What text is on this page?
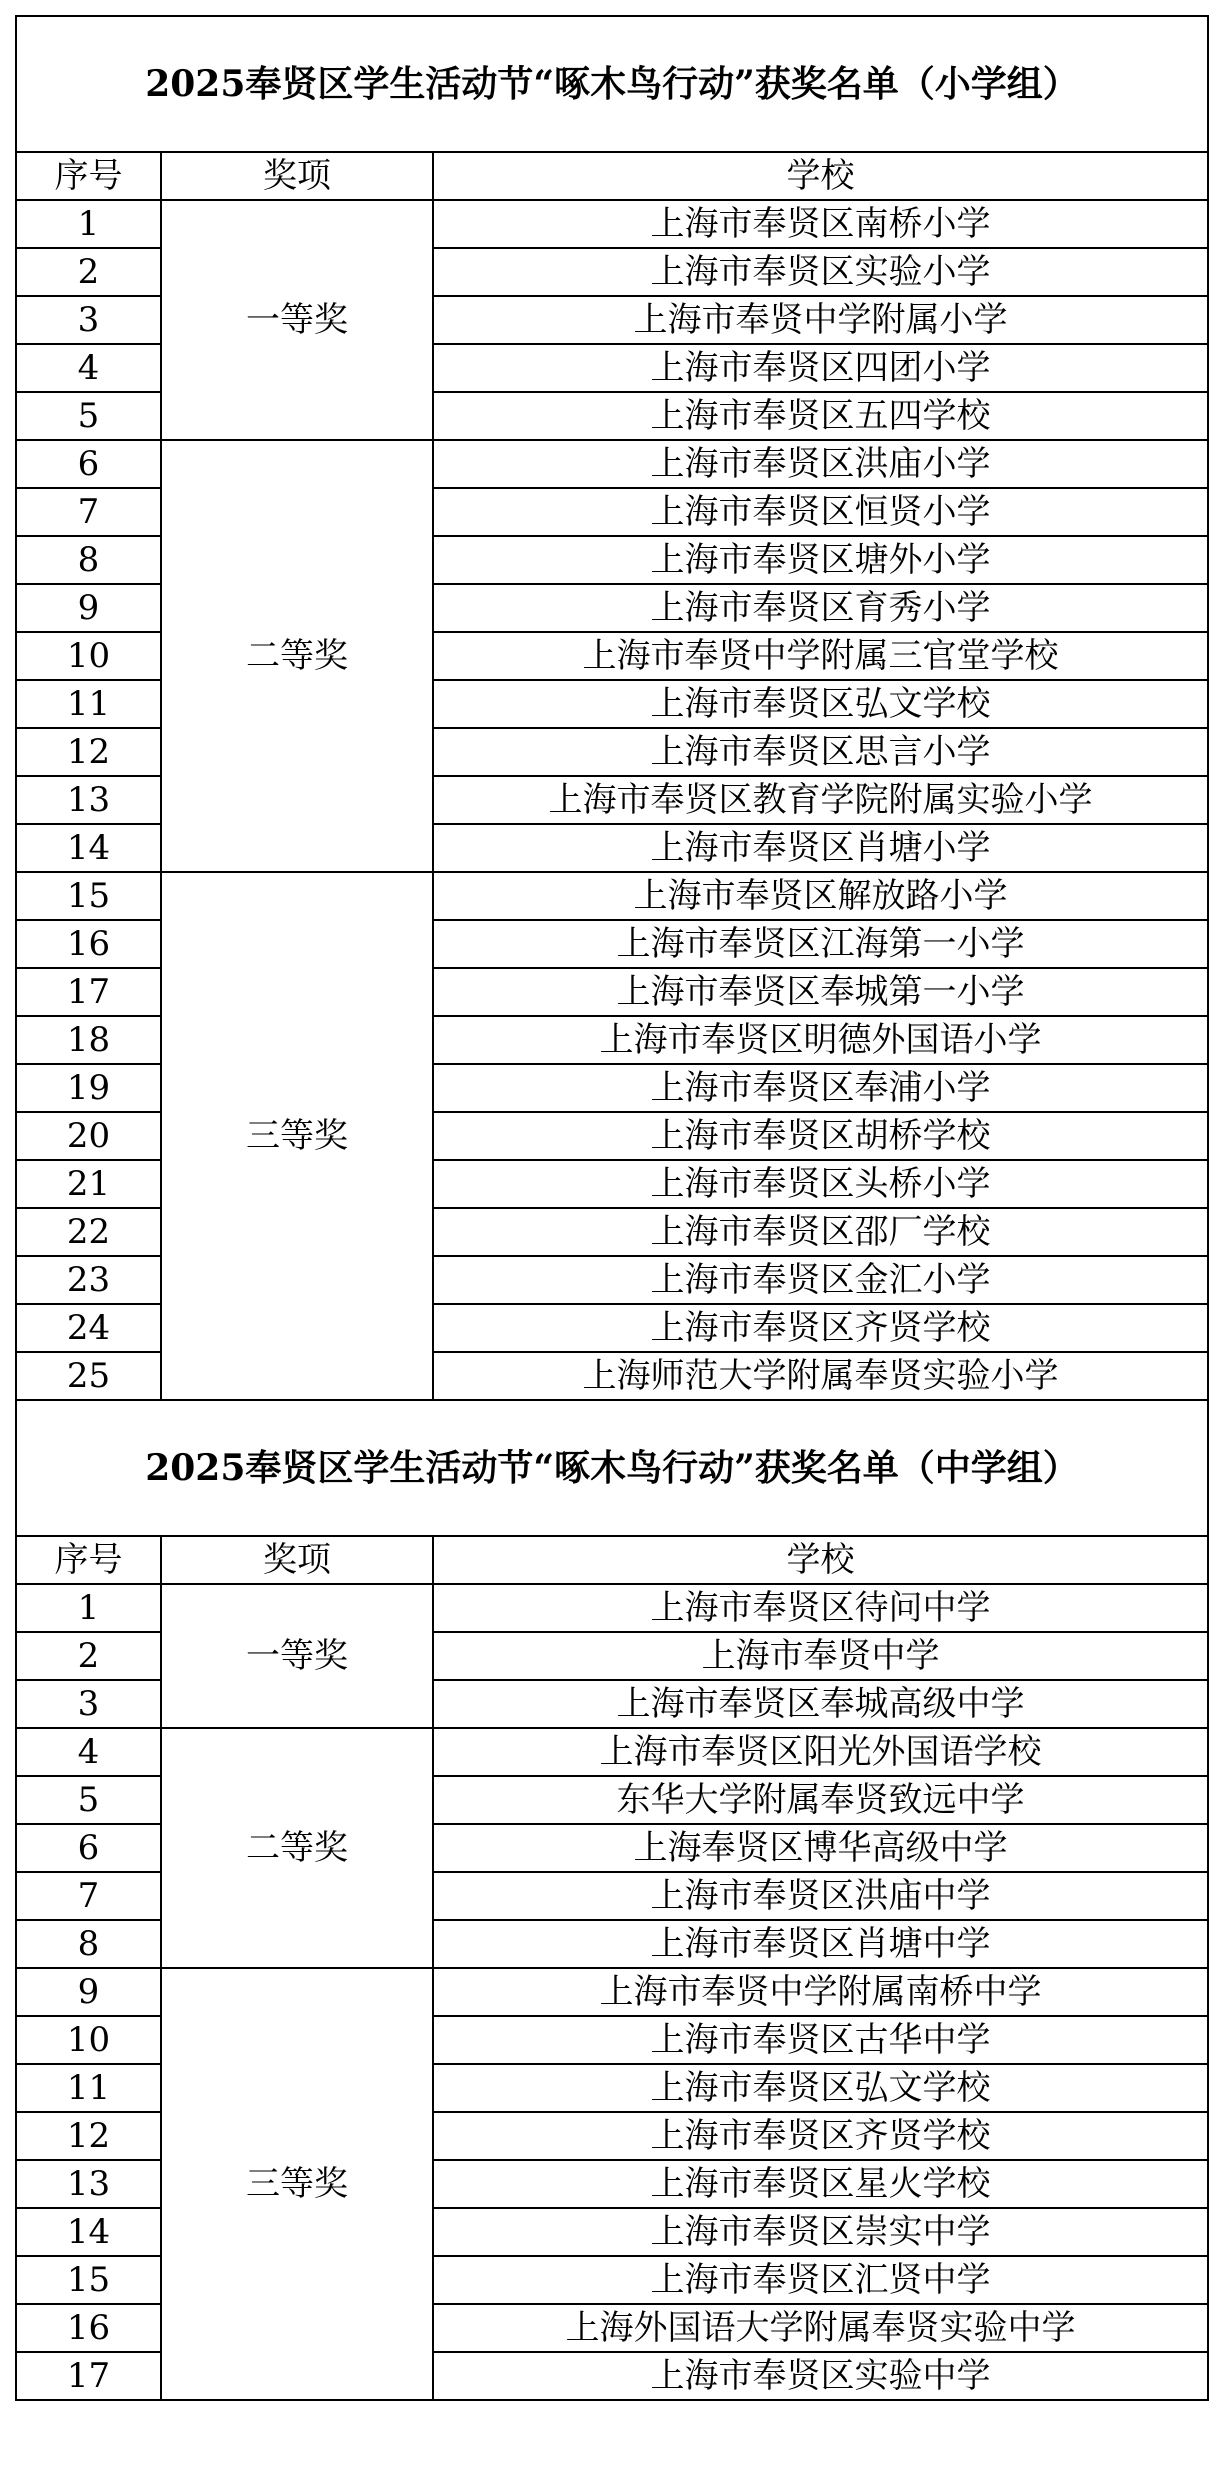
2025奉贤区学生活动节“啄木鸟行动”获奖名单（小学组）		
序号	奖项	学校
1	一等奖	上海市奉贤区南桥小学
2		上海市奉贤区实验小学
3		上海市奉贤中学附属小学
4		上海市奉贤区四团小学
5		上海市奉贤区五四学校
6	二等奖	上海市奉贤区洪庙小学
7		上海市奉贤区恒贤小学
8		上海市奉贤区塘外小学
9		上海市奉贤区育秀小学
10		上海市奉贤中学附属三官堂学校
11		上海市奉贤区弘文学校
12		上海市奉贤区思言小学
13		上海市奉贤区教育学院附属实验小学
14		上海市奉贤区肖塘小学
15	三等奖	上海市奉贤区解放路小学
16		上海市奉贤区江海第一小学
17		上海市奉贤区奉城第一小学
18		上海市奉贤区明德外国语小学
19		上海市奉贤区奉浦小学
20		上海市奉贤区胡桥学校
21		上海市奉贤区头桥小学
22		上海市奉贤区邵厂学校
23		上海市奉贤区金汇小学
24		上海市奉贤区齐贤学校
25		上海师范大学附属奉贤实验小学
2025奉贤区学生活动节“啄木鸟行动”获奖名单（中学组）		
序号	奖项	学校
1	一等奖	上海市奉贤区待问中学
2		上海市奉贤中学
3		上海市奉贤区奉城高级中学
4	二等奖	上海市奉贤区阳光外国语学校
5		东华大学附属奉贤致远中学
6		上海奉贤区博华高级中学
7		上海市奉贤区洪庙中学
8		上海市奉贤区肖塘中学
9	三等奖	上海市奉贤中学附属南桥中学
10		上海市奉贤区古华中学
11		上海市奉贤区弘文学校
12		上海市奉贤区齐贤学校
13		上海市奉贤区星火学校
14		上海市奉贤区崇实中学
15		上海市奉贤区汇贤中学
16		上海外国语大学附属奉贤实验中学
17		上海市奉贤区实验中学
